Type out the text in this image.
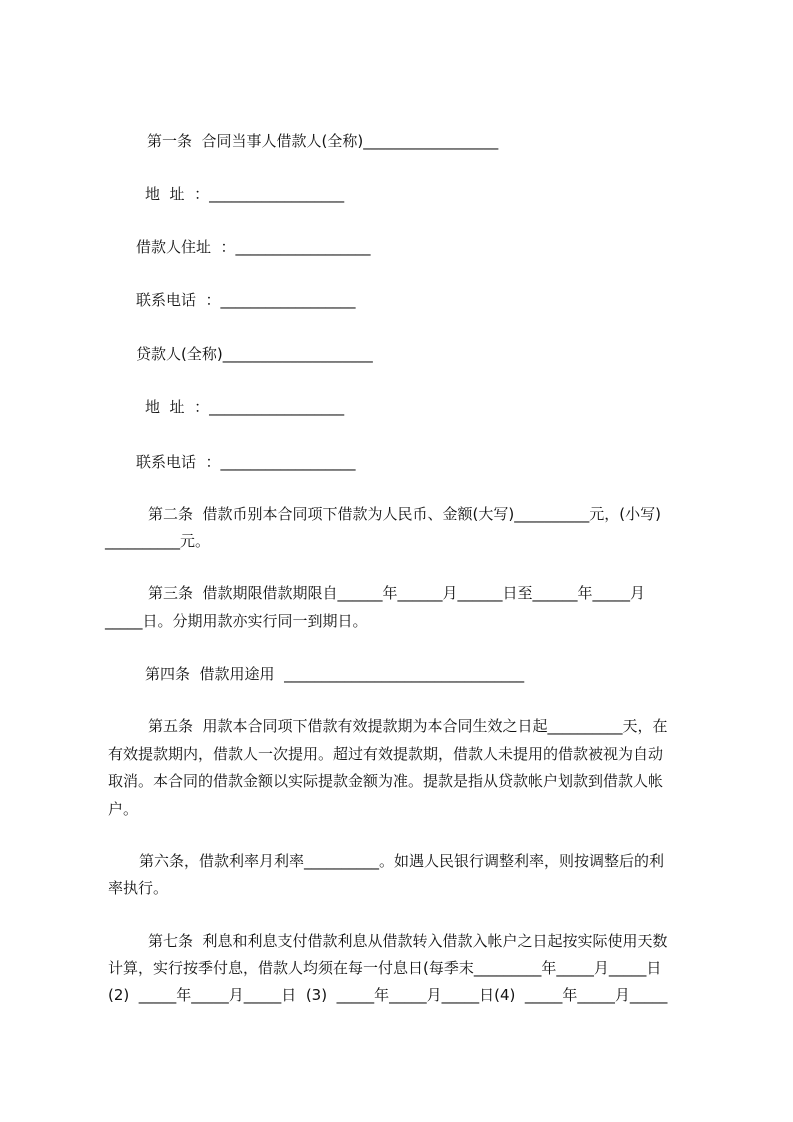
第一条  合同当事人借款人(全称)__________________
地  址  ：__________________
借款人住址  ：__________________
联系电话  ：__________________
贷款人(全称)____________________
地  址  ：__________________
联系电话  ：__________________
第二条  借款币别本合同项下借款为人民币、金额(大写)__________元，(小写)
__________元。
第三条  借款期限借款期限自______年______月______日至______年_____月
_____日。分期用款亦实行同一到期日。
第四条  借款用途用  ________________________________
第五条  用款本合同项下借款有效提款期为本合同生效之日起__________天，在
有效提款期内，借款人一次提用。超过有效提款期，借款人未提用的借款被视为自动
取消。本合同的借款金额以实际提款金额为准。提款是指从贷款帐户划款到借款人帐
户。
第六条，借款利率月利率__________。如遇人民银行调整利率，则按调整后的利
率执行。
第七条  利息和利息支付借款利息从借款转入借款入帐户之日起按实际使用天数
计算，实行按季付息，借款人均须在每一付息日(每季末_________年_____月_____日
(2)  _____年_____月_____日  (3)  _____年_____月_____日(4)  _____年_____月_____
